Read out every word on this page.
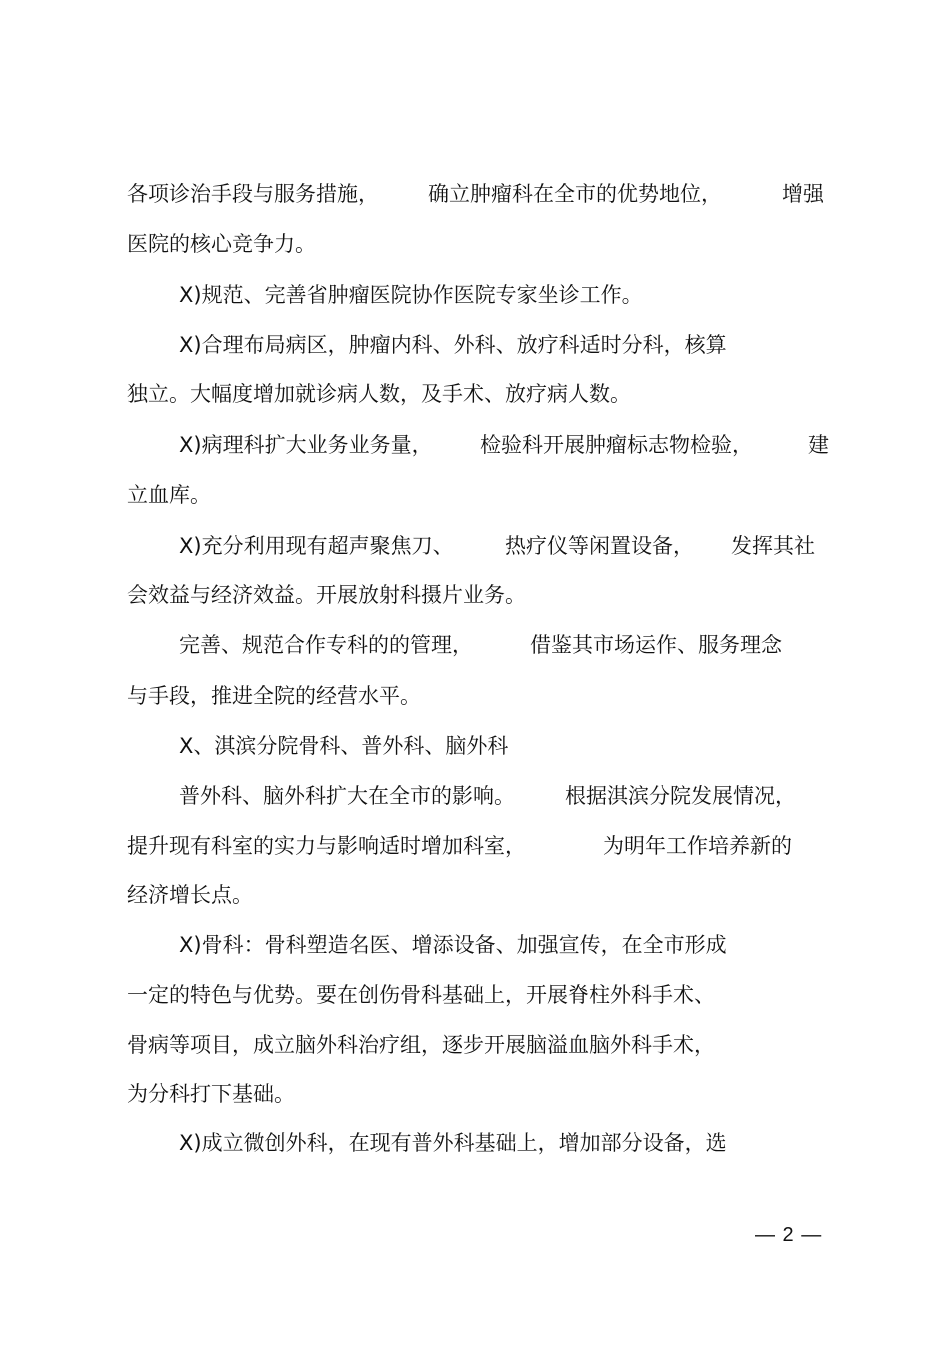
各项诊治手段与服务措施，

确立肿瘤科在全市的优势地位，

	增强

医院的核心竞争力。

X)规范、完善省肿瘤医院协作医院专家坐诊工作。

X)合理布局病区，肿瘤内科、外科、放疗科适时分科，核算

独立。大幅度增加就诊病人数，及手术、放疗病人数。

X)病理科扩大业务业务量，

检验科开展肿瘤标志物检验，

	建

立血库。

X)充分利用现有超声聚焦刀、

热疗仪等闲置设备，

发挥其社

会效益与经济效益。开展放射科摄片业务。

完善、规范合作专科的的管理，

	借鉴其市场运作、服务理念

与手段，推进全院的经营水平。

X、淇滨分院骨科、普外科、脑外科

普外科、脑外科扩大在全市的影响。

根据淇滨分院发展情况，

提升现有科室的实力与影响适时增加科室，

	为明年工作培养新的

经济增长点。

X)骨科：骨科塑造名医、增添设备、加强宣传，在全市形成

一定的特色与优势。要在创伤骨科基础上，开展脊柱外科手术、

骨病等项目，成立脑外科治疗组，逐步开展脑溢血脑外科手术，

为分科打下基础。

X)成立微创外科，在现有普外科基础上，增加部分设备，选

— 2 —
